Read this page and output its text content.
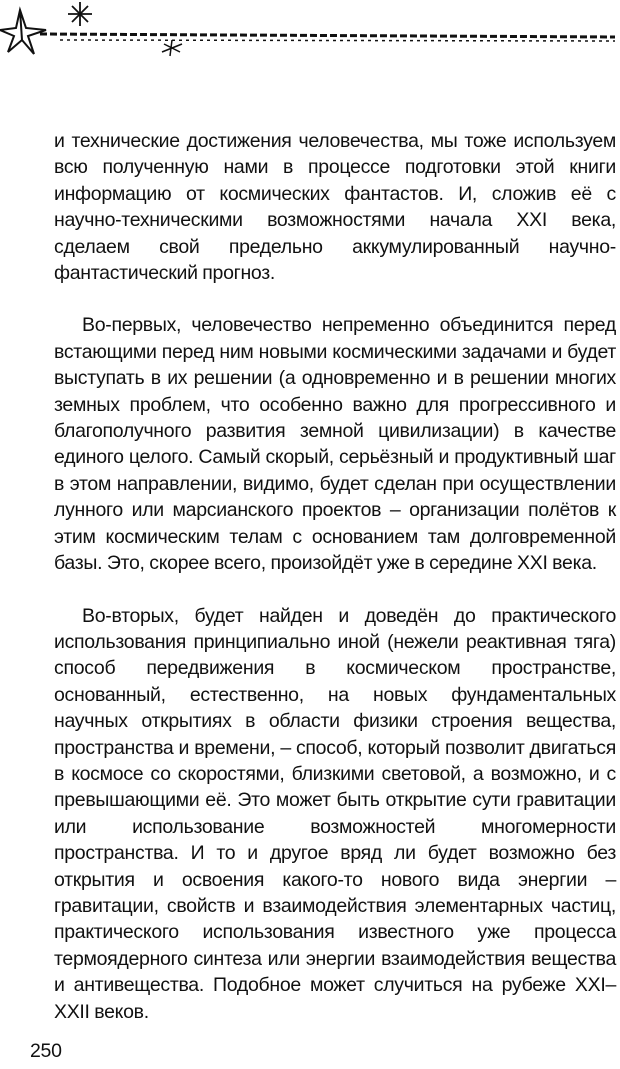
и технические достижения человечества, мы тоже используем всю полученную нами в процессе подготовки этой книги информацию от космических фантастов. И, сложив её с научно-техническими возможностями начала XXI века, сделаем свой предельно аккумулированный научно-фантастический прогноз.

Во-первых, человечество непременно объединится перед встающими перед ним новыми космическими задачами и будет выступать в их решении (а одновременно и в решении многих земных проблем, что особенно важно для прогрессивного и благополучного развития земной цивилизации) в качестве единого целого. Самый скорый, серьёзный и продуктивный шаг в этом направлении, видимо, будет сделан при осуществлении лунного или марсианского проектов – организации полётов к этим космическим телам с основанием там долговременной базы. Это, скорее всего, произойдёт уже в середине XXI века.

Во-вторых, будет найден и доведён до практического использования принципиально иной (нежели реактивная тяга) способ передвижения в космическом пространстве, основанный, естественно, на новых фундаментальных научных открытиях в области физики строения вещества, пространства и времени, – способ, который позволит двигаться в космосе со скоростями, близкими световой, а возможно, и с превышающими её. Это может быть открытие сути гравитации или использование возможностей многомерности пространства. И то и другое вряд ли будет возможно без открытия и освоения какого-то нового вида энергии – гравитации, свойств и взаимодействия элементарных частиц, практического использования известного уже процесса термоядерного синтеза или энергии взаимодействия вещества и антивещества. Подобное может случиться на рубеже XXI–XXII веков.

250
